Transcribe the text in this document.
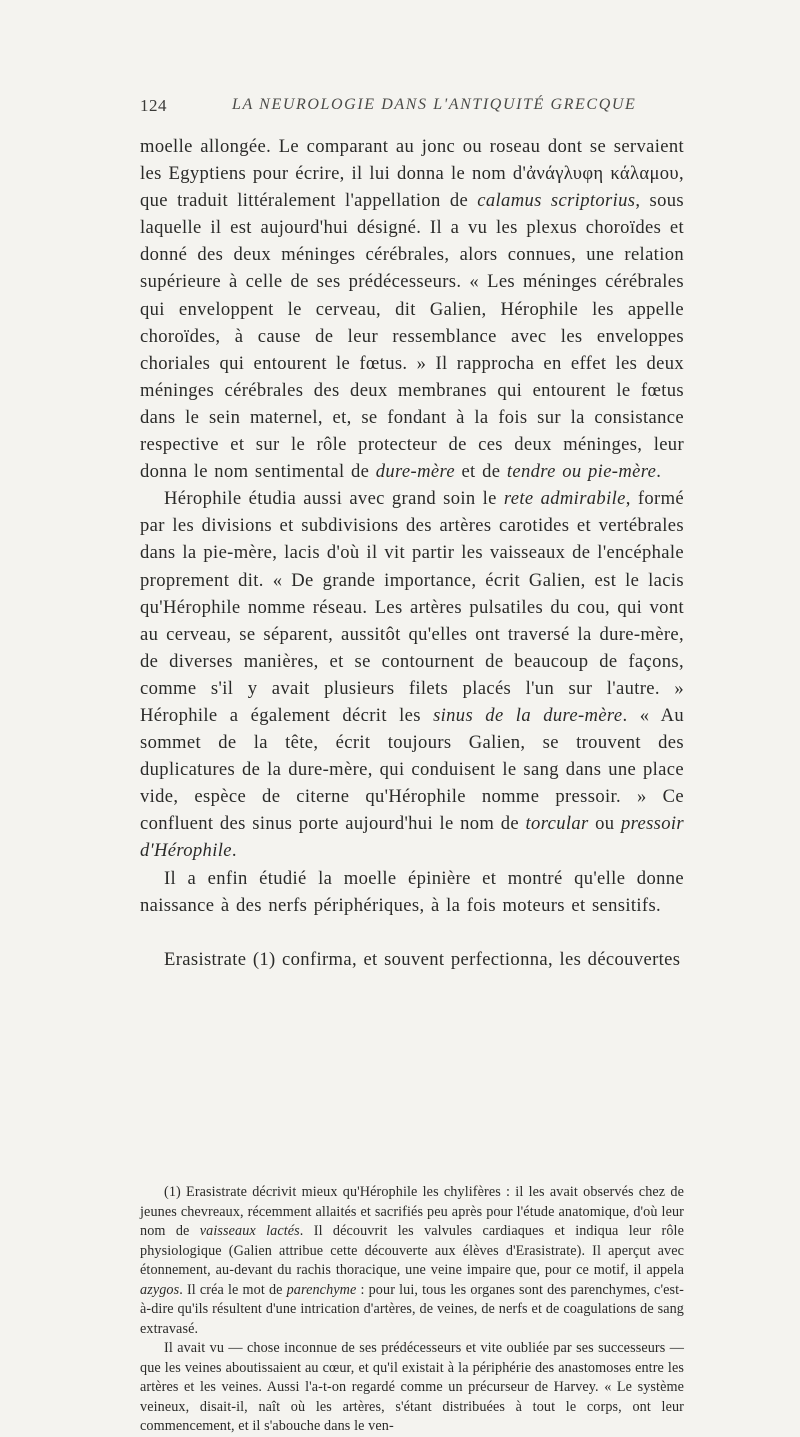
124	LA NEUROLOGIE DANS L'ANTIQUITÉ GRECQUE

moelle allongée. Le comparant au jonc ou roseau dont se servaient les Egyptiens pour écrire, il lui donna le nom d'ἀνάγλυφη κάλαμου, que traduit littéralement l'appellation de calamus scriptorius, sous laquelle il est aujourd'hui désigné. Il a vu les plexus choroïdes et donné des deux méninges cérébrales, alors connues, une relation supérieure à celle de ses prédécesseurs. « Les méninges cérébrales qui enveloppent le cerveau, dit Galien, Hérophile les appelle choroïdes, à cause de leur ressemblance avec les enveloppes choriales qui entourent le fœtus. » Il rapprocha en effet les deux méninges cérébrales des deux membranes qui entourent le fœtus dans le sein maternel, et, se fondant à la fois sur la consistance respective et sur le rôle protecteur de ces deux méninges, leur donna le nom sentimental de dure-mère et de tendre ou pie-mère.

Hérophile étudia aussi avec grand soin le rete admirabile, formé par les divisions et subdivisions des artères carotides et vertébrales dans la pie-mère, lacis d'où il vit partir les vaisseaux de l'encéphale proprement dit. « De grande importance, écrit Galien, est le lacis qu'Hérophile nomme réseau. Les artères pulsatiles du cou, qui vont au cerveau, se séparent, aussitôt qu'elles ont traversé la dure-mère, de diverses manières, et se contournent de beaucoup de façons, comme s'il y avait plusieurs filets placés l'un sur l'autre. » Hérophile a également décrit les sinus de la dure-mère. « Au sommet de la tête, écrit toujours Galien, se trouvent des duplicatures de la dure-mère, qui conduisent le sang dans une place vide, espèce de citerne qu'Hérophile nomme pressoir. » Ce confluent des sinus porte aujourd'hui le nom de torcular ou pressoir d'Hérophile.

Il a enfin étudié la moelle épinière et montré qu'elle donne naissance à des nerfs périphériques, à la fois moteurs et sensitifs.

Erasistrate (1) confirma, et souvent perfectionna, les découvertes

(1) Erasistrate décrivit mieux qu'Hérophile les chylifères : il les avait observés chez de jeunes chevreaux, récemment allaités et sacrifiés peu après pour l'étude anatomique, d'où leur nom de vaisseaux lactés. Il découvrit les valvules cardiaques et indiqua leur rôle physiologique (Galien attribue cette découverte aux élèves d'Erasistrate). Il aperçut avec étonnement, au-devant du rachis thoracique, une veine impaire que, pour ce motif, il appela azygos. Il créa le mot de parenchyme : pour lui, tous les organes sont des parenchymes, c'est-à-dire qu'ils résultent d'une intrication d'artères, de veines, de nerfs et de coagulations de sang extravasé.

Il avait vu — chose inconnue de ses prédécesseurs et vite oubliée par ses successeurs — que les veines aboutissaient au cœur, et qu'il existait à la périphérie des anastomoses entre les artères et les veines. Aussi l'a-t-on regardé comme un précurseur de Harvey. « Le système veineux, disait-il, naît où les artères, s'étant distribuées à tout le corps, ont leur commencement, et il s'abouche dans le ven-
